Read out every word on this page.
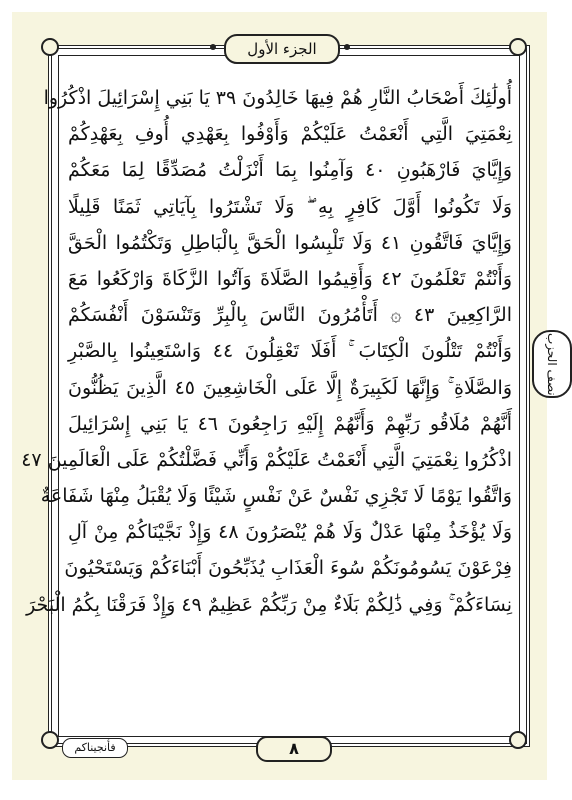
الجزء الأول
أُولَٰئِكَ أَصْحَابُ النَّارِ هُمْ فِيهَا خَالِدُونَ ٣٩ يَا بَنِي إِسْرَائِيلَ اذْكُرُوا
نِعْمَتِيَ الَّتِي أَنْعَمْتُ عَلَيْكُمْ وَأَوْفُوا بِعَهْدِي أُوفِ بِعَهْدِكُمْ
وَإِيَّايَ فَارْهَبُونِ ٤٠ وَآمِنُوا بِمَا أَنْزَلْتُ مُصَدِّقًا لِمَا مَعَكُمْ
وَلَا تَكُونُوا أَوَّلَ كَافِرٍ بِهِ ۖ وَلَا تَشْتَرُوا بِآيَاتِي ثَمَنًا قَلِيلًا
وَإِيَّايَ فَاتَّقُونِ ٤١ وَلَا تَلْبِسُوا الْحَقَّ بِالْبَاطِلِ وَتَكْتُمُوا الْحَقَّ
وَأَنْتُمْ تَعْلَمُونَ ٤٢ وَأَقِيمُوا الصَّلَاةَ وَآتُوا الزَّكَاةَ وَارْكَعُوا مَعَ
الرَّاكِعِينَ ٤٣ ۞ أَتَأْمُرُونَ النَّاسَ بِالْبِرِّ وَتَنْسَوْنَ أَنْفُسَكُمْ
وَأَنْتُمْ تَتْلُونَ الْكِتَابَ ۚ أَفَلَا تَعْقِلُونَ ٤٤ وَاسْتَعِينُوا بِالصَّبْرِ
وَالصَّلَاةِ ۚ وَإِنَّهَا لَكَبِيرَةٌ إِلَّا عَلَى الْخَاشِعِينَ ٤٥ الَّذِينَ يَظُنُّونَ
أَنَّهُمْ مُلَاقُو رَبِّهِمْ وَأَنَّهُمْ إِلَيْهِ رَاجِعُونَ ٤٦ يَا بَنِي إِسْرَائِيلَ
اذْكُرُوا نِعْمَتِيَ الَّتِي أَنْعَمْتُ عَلَيْكُمْ وَأَنِّي فَضَّلْتُكُمْ عَلَى الْعَالَمِينَ ٤٧
وَاتَّقُوا يَوْمًا لَا تَجْزِي نَفْسٌ عَنْ نَفْسٍ شَيْئًا وَلَا يُقْبَلُ مِنْهَا شَفَاعَةٌ
وَلَا يُؤْخَذُ مِنْهَا عَدْلٌ وَلَا هُمْ يُنْصَرُونَ ٤٨ وَإِذْ نَجَّيْنَاكُمْ مِنْ آلِ
فِرْعَوْنَ يَسُومُونَكُمْ سُوءَ الْعَذَابِ يُذَبِّحُونَ أَبْنَاءَكُمْ وَيَسْتَحْيُونَ
نِسَاءَكُمْ ۚ وَفِي ذَٰلِكُمْ بَلَاءٌ مِنْ رَبِّكُمْ عَظِيمٌ ٤٩ وَإِذْ فَرَقْنَا بِكُمُ الْبَحْرَ
نصف الحزب
فأنجيناكم	٨
